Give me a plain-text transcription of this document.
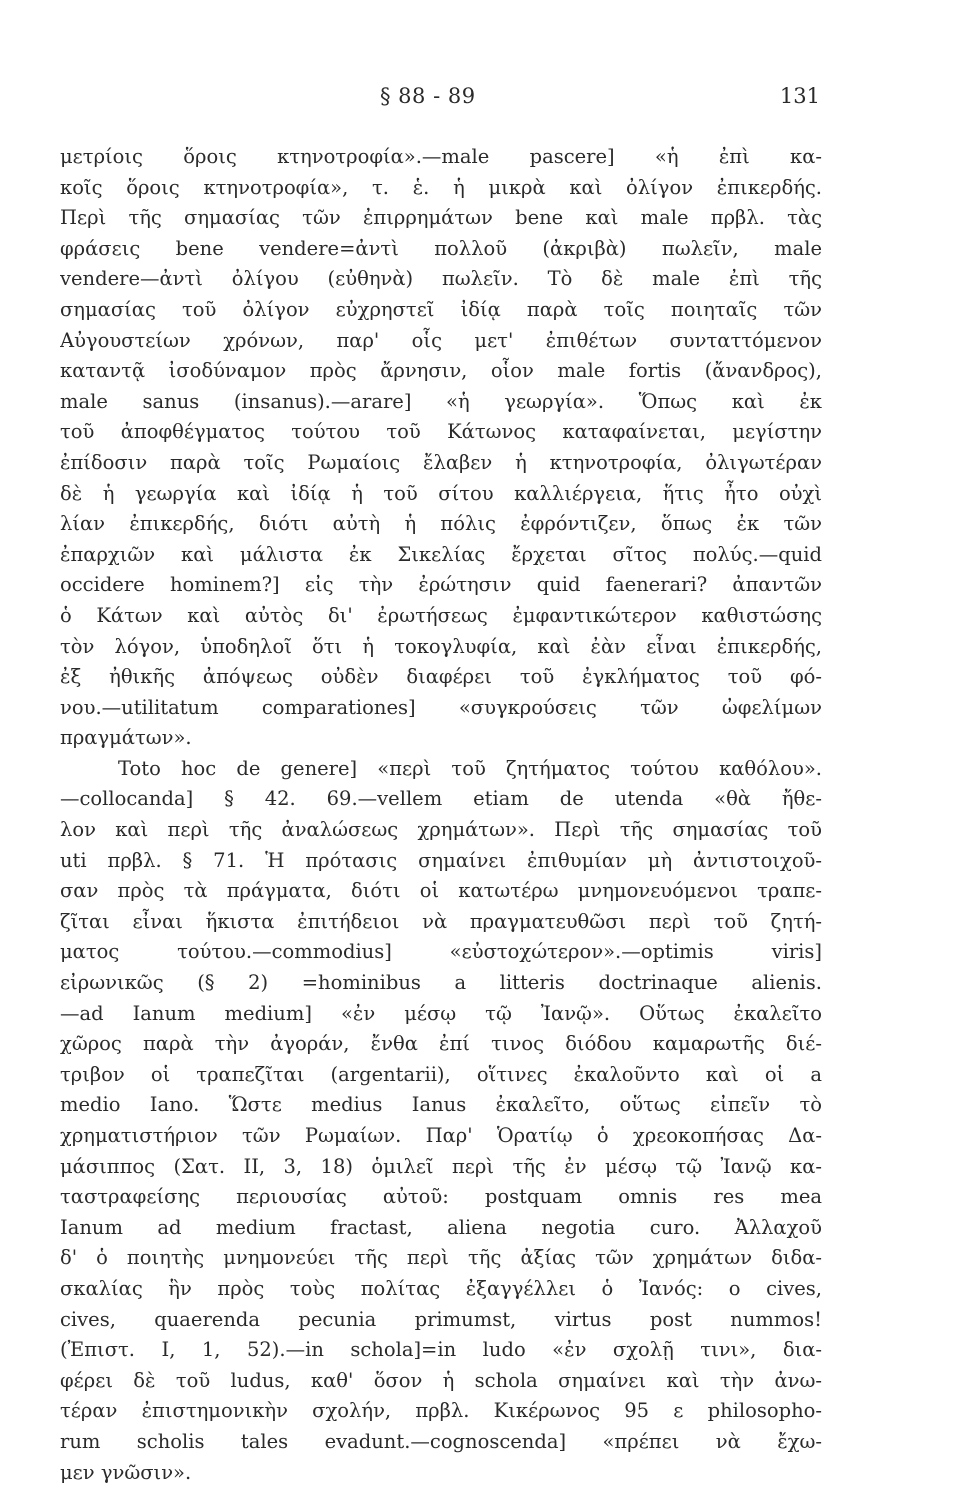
§ 88 - 89	131
μετρίοις ὅροις κτηνοτροφία».—male pascere] «ἡ ἐπὶ κα-
κοῖς ὅροις κτηνοτροφία», τ. ἑ. ἡ μικρὰ καὶ ὀλίγον ἐπικερδής.
Περὶ τῆς σημασίας τῶν ἐπιρρημάτων bene καὶ male πρβλ. τὰς
φράσεις bene vendere=ἀντὶ πολλοῦ (ἀκριβὰ) πωλεῖν, male
vendere—ἀντὶ ὀλίγου (εὐθηνὰ) πωλεῖν. Τὸ δὲ male ἐπὶ τῆς
σημασίας τοῦ ὀλίγον εὐχρηστεῖ ἰδίᾳ παρὰ τοῖς ποιηταῖς τῶν
Αὐγουστείων χρόνων, παρ' οἷς μετ' ἐπιθέτων συνταττόμενον
καταντᾷ ἰσοδύναμον πρὸς ἄρνησιν, οἷον male fortis (ἄνανδρος),
male sanus (insanus).—arare] «ἡ γεωργία». Ὅπως καὶ ἐκ
τοῦ ἀποφθέγματος τούτου τοῦ Κάτωνος καταφαίνεται, μεγίστην
ἐπίδοσιν παρὰ τοῖς Ρωμαίοις ἔλαβεν ἡ κτηνοτροφία, ὀλιγωτέραν
δὲ ἡ γεωργία καὶ ἰδίᾳ ἡ τοῦ σίτου καλλιέργεια, ἥτις ἦτο οὐχὶ
λίαν ἐπικερδής, διότι αὐτὴ ἡ πόλις ἐφρόντιζεν, ὅπως ἐκ τῶν
ἐπαρχιῶν καὶ μάλιστα ἐκ Σικελίας ἔρχεται σῖτος πολύς.—quid
occidere hominem?] εἰς τὴν ἐρώτησιν quid faenerari? ἀπαντῶν
ὁ Κάτων καὶ αὐτὸς δι' ἐρωτήσεως ἐμφαντικώτερον καθιστώσης
τὸν λόγον, ὑποδηλοῖ ὅτι ἡ τοκογλυφία, καὶ ἐὰν εἶναι ἐπικερδής,
ἐξ ἠθικῆς ἀπόψεως οὐδὲν διαφέρει τοῦ ἐγκλήματος τοῦ φό-
νου.—utilitatum comparationes] «συγκρούσεις τῶν ὠφελίμων
πραγμάτων».
Toto hoc de genere] «περὶ τοῦ ζητήματος τούτου καθόλου».
—collocanda] § 42. 69.—vellem etiam de utenda «θὰ ἤθε-
λον καὶ περὶ τῆς ἀναλώσεως χρημάτων». Περὶ τῆς σημασίας τοῦ
uti πρβλ. § 71. Ἡ πρότασις σημαίνει ἐπιθυμίαν μὴ ἀντιστοιχοῦ-
σαν πρὸς τὰ πράγματα, διότι οἱ κατωτέρω μνημονευόμενοι τραπε-
ζῖται εἶναι ἥκιστα ἐπιτήδειοι νὰ πραγματευθῶσι περὶ τοῦ ζητή-
ματος τούτου.—commodius] «εὐστοχώτερον».—optimis viris]
εἰρωνικῶς (§ 2) =hominibus a litteris doctrinaque alienis.
—ad Ianum medium] «ἐν μέσῳ τῷ Ἰανῷ». Οὕτως ἐκαλεῖτο
χῶρος παρὰ τὴν ἀγοράν, ἔνθα ἐπί τινος διόδου καμαρωτῆς διέ-
τριβον οἱ τραπεζῖται (argentarii), οἵτινες ἐκαλοῦντο καὶ οἱ a
medio Iano. Ὥστε medius Ianus ἐκαλεῖτο, οὕτως εἰπεῖν τὸ
χρηματιστήριον τῶν Ρωμαίων. Παρ' Ὁρατίῳ ὁ χρεοκοπήσας Δα-
μάσιππος (Σατ. II, 3, 18) ὁμιλεῖ περὶ τῆς ἐν μέσῳ τῷ Ἰανῷ κα-
ταστραφείσης περιουσίας αὐτοῦ: postquam omnis res mea
Ianum ad medium fractast, aliena negotia curo. Ἀλλαχοῦ
δ' ὁ ποιητὴς μνημονεύει τῆς περὶ τῆς ἀξίας τῶν χρημάτων διδα-
σκαλίας ἣν πρὸς τοὺς πολίτας ἐξαγγέλλει ὁ Ἰανός: o cives,
cives, quaerenda pecunia primumst, virtus post nummos!
(Ἐπιστ. I, 1, 52).—in schola]=in ludo «ἐν σχολῇ τινι», δια-
φέρει δὲ τοῦ ludus, καθ' ὅσον ἡ schola σημαίνει καὶ τὴν ἀνω-
τέραν ἐπιστημονικὴν σχολήν, πρβλ. Κικέρωνος 95 ε philosopho-
rum scholis tales evadunt.—cognoscenda] «πρέπει νὰ ἔχω-
μεν γνῶσιν».
